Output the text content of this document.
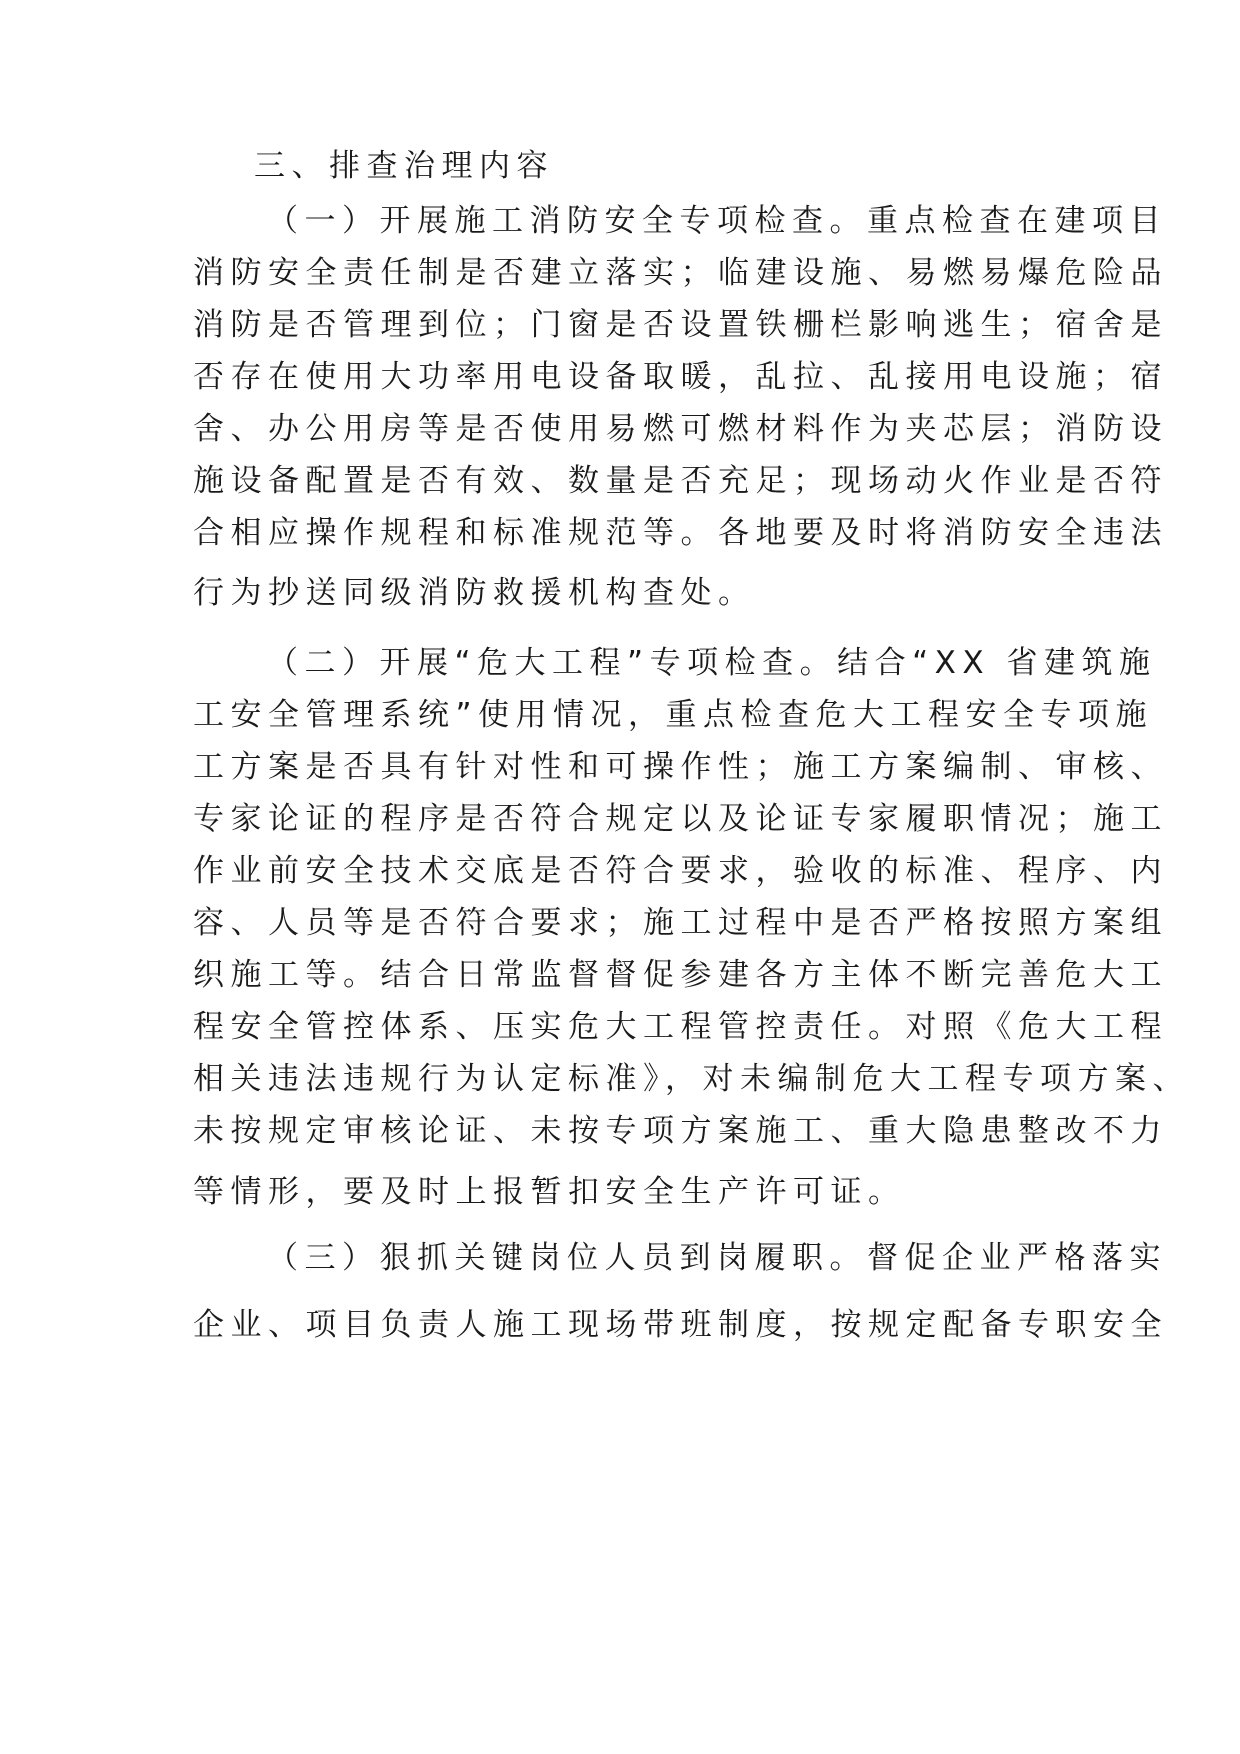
三、排查治理内容

（一）开展施工消防安全专项检查。重点检查在建项目

消防安全责任制是否建立落实；临建设施、易燃易爆危险品

消防是否管理到位；门窗是否设置铁栅栏影响逃生；宿舍是

否存在使用大功率用电设备取暖，乱拉、乱接用电设施；宿

舍、办公用房等是否使用易燃可燃材料作为夹芯层；消防设

施设备配置是否有效、数量是否充足；现场动火作业是否符

合相应操作规程和标准规范等。各地要及时将消防安全违法

行为抄送同级消防救援机构查处。

（二）开展“危大工程”专项检查。结合“XX 省建筑施

工安全管理系统”使用情况，重点检查危大工程安全专项施

工方案是否具有针对性和可操作性；施工方案编制、审核、

专家论证的程序是否符合规定以及论证专家履职情况；施工

作业前安全技术交底是否符合要求，验收的标准、程序、内

容、人员等是否符合要求；施工过程中是否严格按照方案组

织施工等。结合日常监督督促参建各方主体不断完善危大工

程安全管控体系、压实危大工程管控责任。对照《危大工程

相关违法违规行为认定标准》，对未编制危大工程专项方案、

未按规定审核论证、未按专项方案施工、重大隐患整改不力

等情形，要及时上报暂扣安全生产许可证。

（三）狠抓关键岗位人员到岗履职。督促企业严格落实

企业、项目负责人施工现场带班制度，按规定配备专职安全
